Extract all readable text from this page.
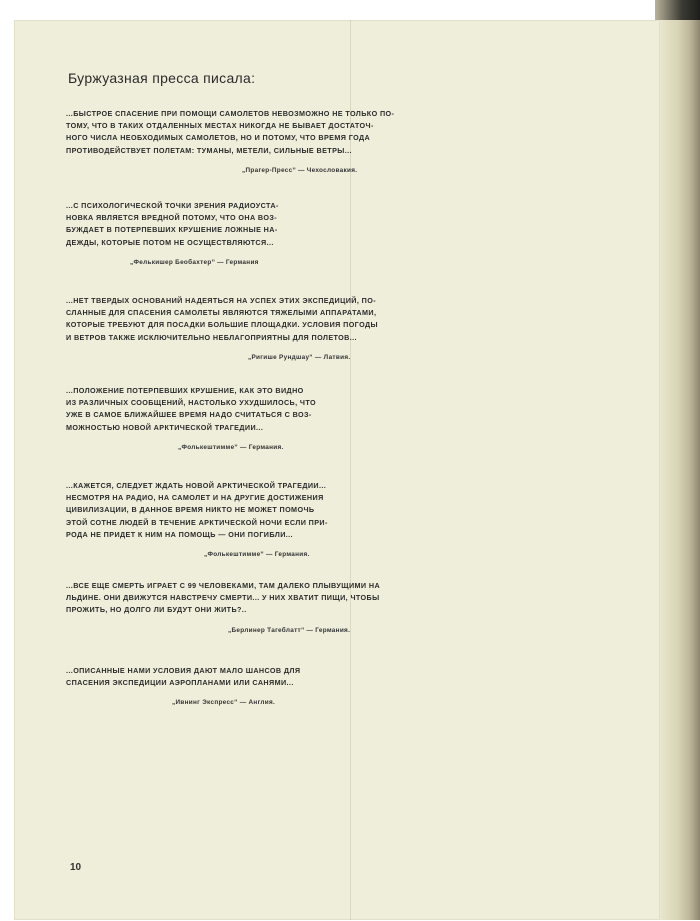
Буржуазная пресса писала:
...БЫСТРОЕ СПАСЕНИЕ ПРИ ПОМОЩИ САМОЛЕТОВ НЕВОЗМОЖНО НЕ ТОЛЬКО ПО-
ТОМУ, ЧТО В ТАКИХ ОТДАЛЕННЫХ МЕСТАХ НИКОГДА НЕ БЫВАЕТ ДОСТАТОЧ-
НОГО ЧИСЛА НЕОБХОДИМЫХ САМОЛЕТОВ, НО И ПОТОМУ, ЧТО ВРЕМЯ ГОДА
ПРОТИВОДЕЙСТВУЕТ ПОЛЕТАМ: ТУМАНЫ, МЕТЕЛИ, СИЛЬНЫЕ ВЕТРЫ...
„Прагер-Прессˮ — Чехословакия.
...С ПСИХОЛОГИЧЕСКОЙ ТОЧКИ ЗРЕНИЯ РАДИОУСТА-
НОВКА ЯВЛЯЕТСЯ ВРЕДНОЙ ПОТОМУ, ЧТО ОНА ВОЗ-
БУЖДАЕТ В ПОТЕРПЕВШИХ КРУШЕНИЕ ЛОЖНЫЕ НА-
ДЕЖДЫ, КОТОРЫЕ ПОТОМ НЕ ОСУЩЕСТВЛЯЮТСЯ...
„Фелькишер Беобахтерˮ — Германия
...НЕТ ТВЕРДЫХ ОСНОВАНИЙ НАДЕЯТЬСЯ НА УСПЕХ ЭТИХ ЭКСПЕДИЦИЙ, ПО-
СЛАННЫЕ ДЛЯ СПАСЕНИЯ САМОЛЕТЫ ЯВЛЯЮТСЯ ТЯЖЕЛЫМИ АППАРАТАМИ,
КОТОРЫЕ ТРЕБУЮТ ДЛЯ ПОСАДКИ БОЛЬШИЕ ПЛОЩАДКИ. УСЛОВИЯ ПОГОДЫ
И ВЕТРОВ ТАКЖЕ ИСКЛЮЧИТЕЛЬНО НЕБЛАГОПРИЯТНЫ ДЛЯ ПОЛЕТОВ...
„Ригише Рундшауˮ — Латвия.
...ПОЛОЖЕНИЕ ПОТЕРПЕВШИХ КРУШЕНИЕ, КАК ЭТО ВИДНО
ИЗ РАЗЛИЧНЫХ СООБЩЕНИЙ, НАСТОЛЬКО УХУДШИЛОСЬ, ЧТО
УЖЕ В САМОЕ БЛИЖАЙШЕЕ ВРЕМЯ НАДО СЧИТАТЬСЯ С ВОЗ-
МОЖНОСТЬЮ НОВОЙ АРКТИЧЕСКОЙ ТРАГЕДИИ...
„Фолькештиммеˮ — Германия.
...КАЖЕТСЯ, СЛЕДУЕТ ЖДАТЬ НОВОЙ АРКТИЧЕСКОЙ ТРАГЕДИИ...
НЕСМОТРЯ НА РАДИО, НА САМОЛЕТ И НА ДРУГИЕ ДОСТИЖЕНИЯ
ЦИВИЛИЗАЦИИ, В ДАННОЕ ВРЕМЯ НИКТО НЕ МОЖЕТ ПОМОЧЬ
ЭТОЙ СОТНЕ ЛЮДЕЙ В ТЕЧЕНИЕ АРКТИЧЕСКОЙ НОЧИ ЕСЛИ ПРИ-
РОДА НЕ ПРИДЕТ К НИМ НА ПОМОЩЬ — ОНИ ПОГИБЛИ...
„Фолькештиммеˮ — Германия.
...ВСЕ ЕЩЕ СМЕРТЬ ИГРАЕТ С 99 ЧЕЛОВЕКАМИ, ТАМ ДАЛЕКО ПЛЫВУЩИМИ НА
ЛЬДИНЕ. ОНИ ДВИЖУТСЯ НАВСТРЕЧУ СМЕРТИ... У НИХ ХВАТИТ ПИЩИ, ЧТОБЫ
ПРОЖИТЬ, НО ДОЛГО ЛИ БУДУТ ОНИ ЖИТЬ?..
„Берлинер Тагеблаттˮ — Германия.
...ОПИСАННЫЕ НАМИ УСЛОВИЯ ДАЮТ МАЛО ШАНСОВ ДЛЯ
СПАСЕНИЯ ЭКСПЕДИЦИИ АЭРОПЛАНАМИ ИЛИ САНЯМИ...
„Ивнинг Экспрессˮ — Англия.
10
